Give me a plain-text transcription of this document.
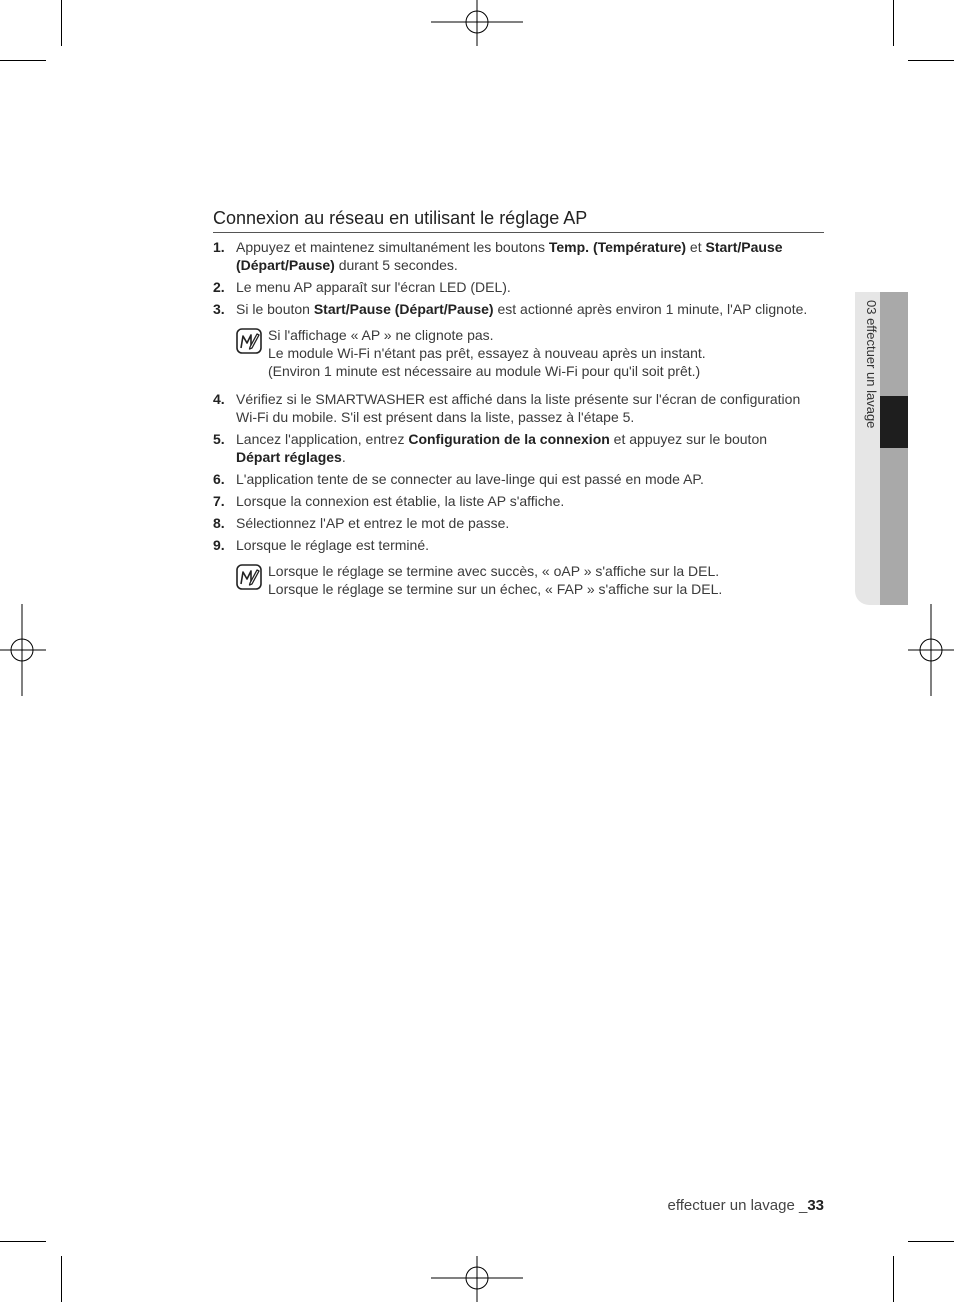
Connexion au réseau en utilisant le réglage AP
1. Appuyez et maintenez simultanément les boutons Temp. (Température) et Start/Pause (Départ/Pause) durant 5 secondes.
2. Le menu AP apparaît sur l'écran LED (DEL).
3. Si le bouton Start/Pause (Départ/Pause) est actionné après environ 1 minute, l'AP clignote.
Si l'affichage « AP » ne clignote pas.
Le module Wi-Fi n'étant pas prêt, essayez à nouveau après un instant.
(Environ 1 minute est nécessaire au module Wi-Fi pour qu'il soit prêt.)
4. Vérifiez si le SMARTWASHER est affiché dans la liste présente sur l'écran de configuration Wi-Fi du mobile. S'il est présent dans la liste, passez à l'étape 5.
5. Lancez l'application, entrez Configuration de la connexion et appuyez sur le bouton Départ réglages.
6. L'application tente de se connecter au lave-linge qui est passé en mode AP.
7. Lorsque la connexion est établie, la liste AP s'affiche.
8. Sélectionnez l'AP et entrez le mot de passe.
9. Lorsque le réglage est terminé.
Lorsque le réglage se termine avec succès, « oAP » s'affiche sur la DEL.
Lorsque le réglage se termine sur un échec, « FAP » s'affiche sur la DEL.
03 effectuer un lavage
effectuer un lavage _33
